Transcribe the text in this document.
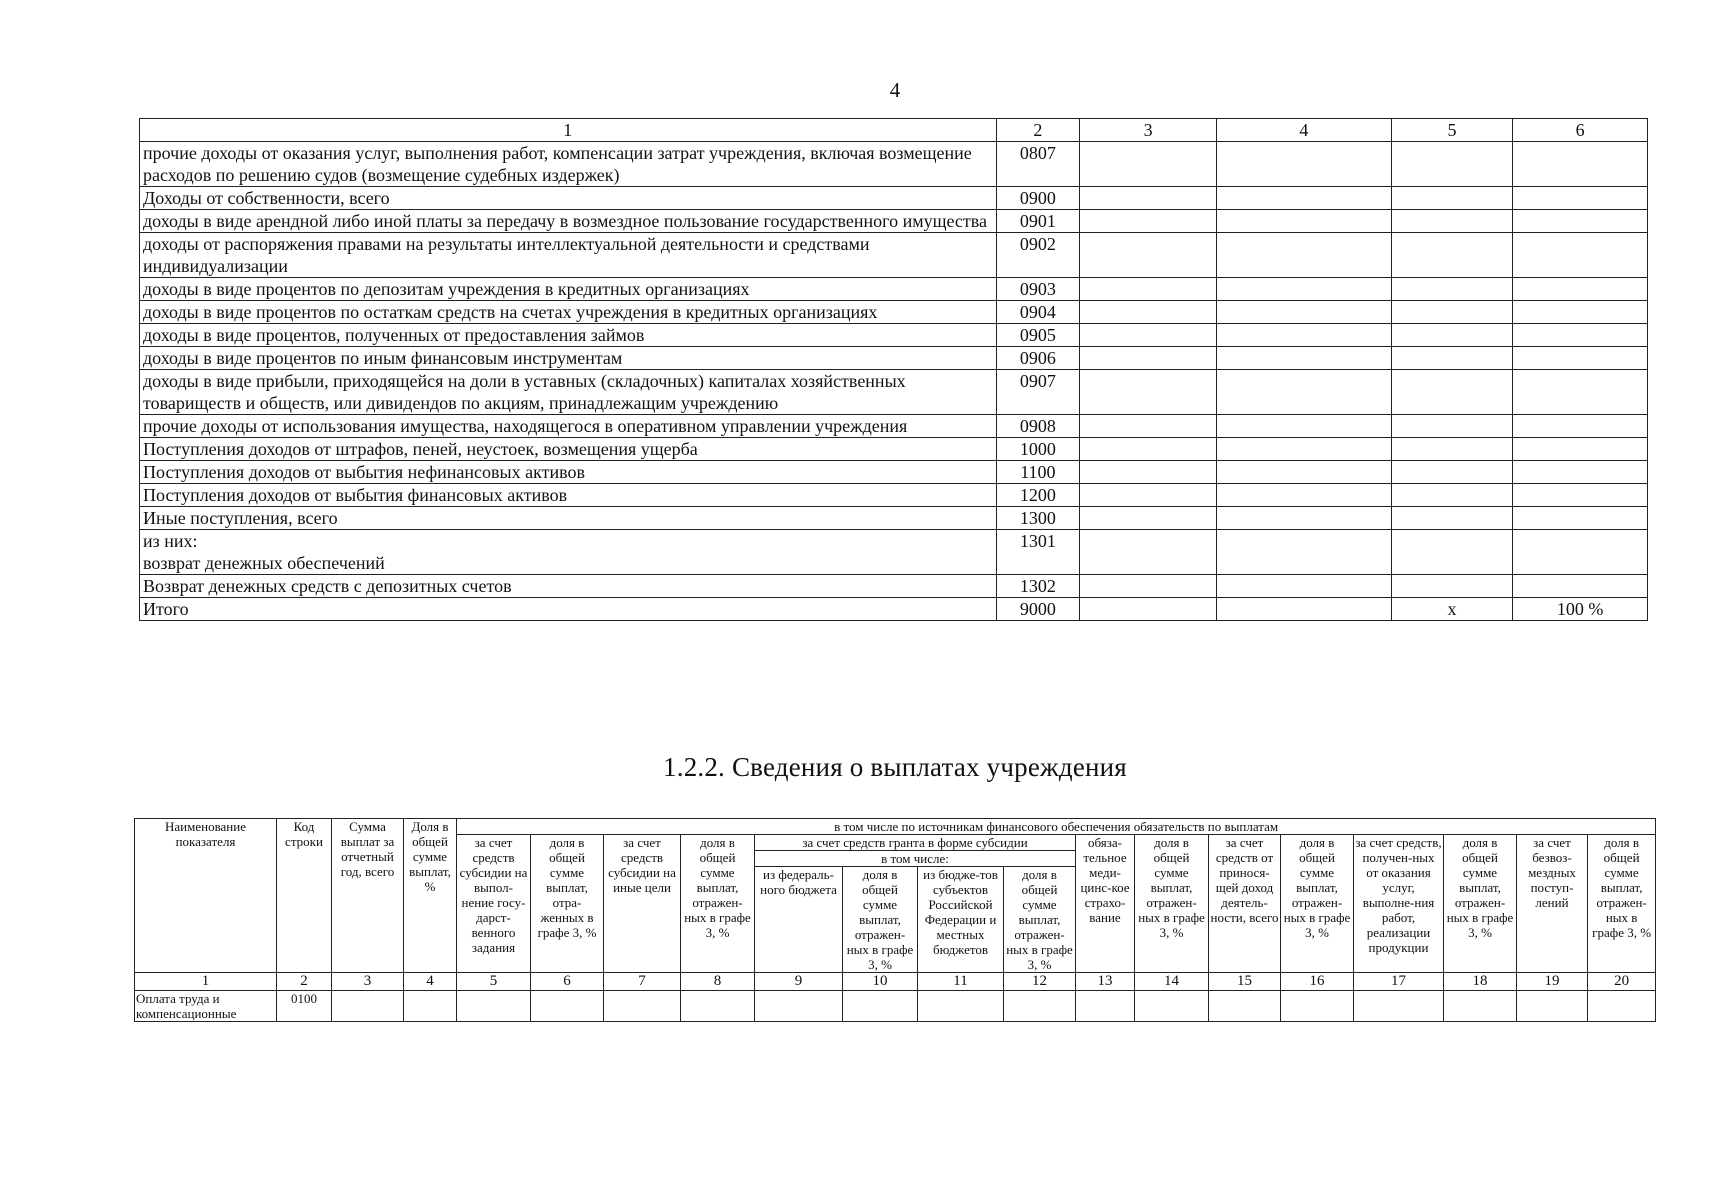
4
1	2	3	4	5	6
прочие доходы от оказания услуг, выполнения работ, компенсации затрат учреждения, включая возмещение расходов по решению судов (возмещение судебных издержек)	0807				
Доходы от собственности, всего	0900				
доходы в виде арендной либо иной платы за передачу в возмездное пользование государственного имущества	0901				
доходы от распоряжения правами на результаты интеллектуальной деятельности и средствами индивидуализации	0902				
доходы в виде процентов по депозитам учреждения в кредитных организациях	0903				
доходы в виде процентов по остаткам средств на счетах учреждения в кредитных организациях	0904				
доходы в виде процентов, полученных от предоставления займов	0905				
доходы в виде процентов по иным финансовым инструментам	0906				
доходы в виде прибыли, приходящейся на доли в уставных (складочных) капиталах хозяйственных товариществ и обществ, или дивидендов по акциям, принадлежащим учреждению	0907				
прочие доходы от использования имущества, находящегося в оперативном управлении учреждения	0908				
Поступления доходов от штрафов, пеней, неустоек, возмещения ущерба	1000				
Поступления доходов от выбытия нефинансовых активов	1100				
Поступления доходов от выбытия финансовых активов	1200				
Иные поступления, всего	1300				
из них:
возврат денежных обеспечений	1301				
Возврат денежных средств с депозитных счетов	1302				
Итого	9000			x	100 %
1.2.2. Сведения о выплатах учреждения
Наименование показателя	Код строки	Сумма выплат за отчетный год, всего	Доля в общей сумме выплат, %	в том числе по источникам финансового обеспечения обязательств по выплатам															
				за счет средств субсидии на выпол-нение госу-дарст-венного задания	доля в общей сумме выплат, отра-женных в графе 3, %	за счет средств субсидии на иные цели	доля в общей сумме выплат, отражен-ных в графе 3, %	за счет средств гранта в форме субсидии				обяза-тельное меди-цинс-кое страхо-вание	доля в общей сумме выплат, отражен-ных в графе 3, %	за счет средств от принося-щей доход деятель-ности, всего	доля в общей сумме выплат, отражен-ных в графе 3, %	за счет средств, получен-ных от оказания услуг, выполне-ния работ, реализации продукции	доля в общей сумме выплат, отражен-ных в графе 3, %	за счет безвоз-мездных поступ-лений	доля в общей сумме выплат, отражен-ных в графе 3, %
								в том числе:											
								из федераль-ного бюджета	доля в общей сумме выплат, отражен-ных в графе 3, %	из бюдже-тов субъектов Российской Федерации и местных бюджетов	доля в общей сумме выплат, отражен-ных в графе 3, %								
1	2	3	4	5	6	7	8	9	10	11	12	13	14	15	16	17	18	19	20
Оплата труда и компенсационные	0100																		
